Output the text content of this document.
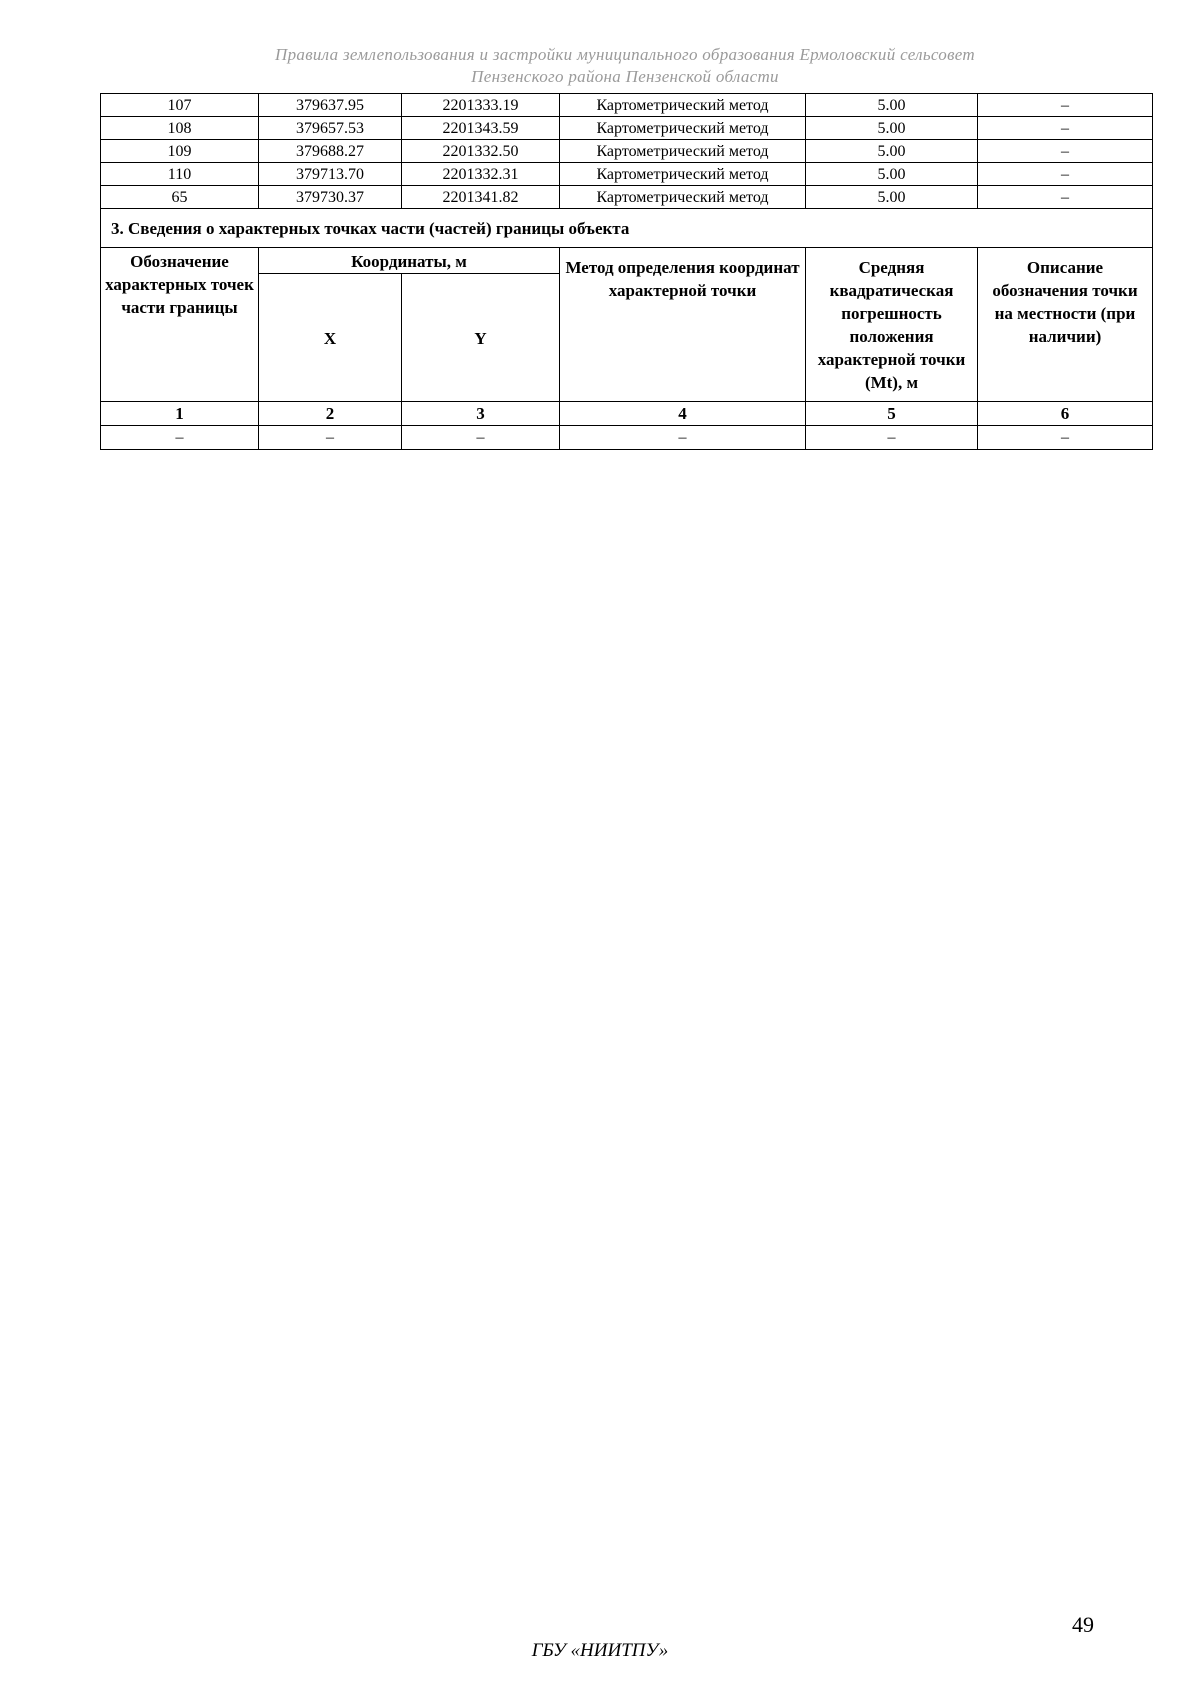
Правила землепользования и застройки муниципального образования Ермоловский сельсовет
Пензенского района Пензенской области
107	379637.95	2201333.19	Картометрический метод	5.00	–
108	379657.53	2201343.59	Картометрический метод	5.00	–
109	379688.27	2201332.50	Картометрический метод	5.00	–
110	379713.70	2201332.31	Картометрический метод	5.00	–
65	379730.37	2201341.82	Картометрический метод	5.00	–
3. Сведения о характерных точках части (частей) границы объекта					
Обозначение характерных точек части границы	Координаты, м		Метод определения координат характерной точки	Средняя квадратическая погрешность положения характерной точки (Mt), м	Описание обозначения точки на местности (при наличии)
	X	Y			
1	2	3	4	5	6
–	–	–	–	–	–
49
ГБУ «НИИТПУ»
